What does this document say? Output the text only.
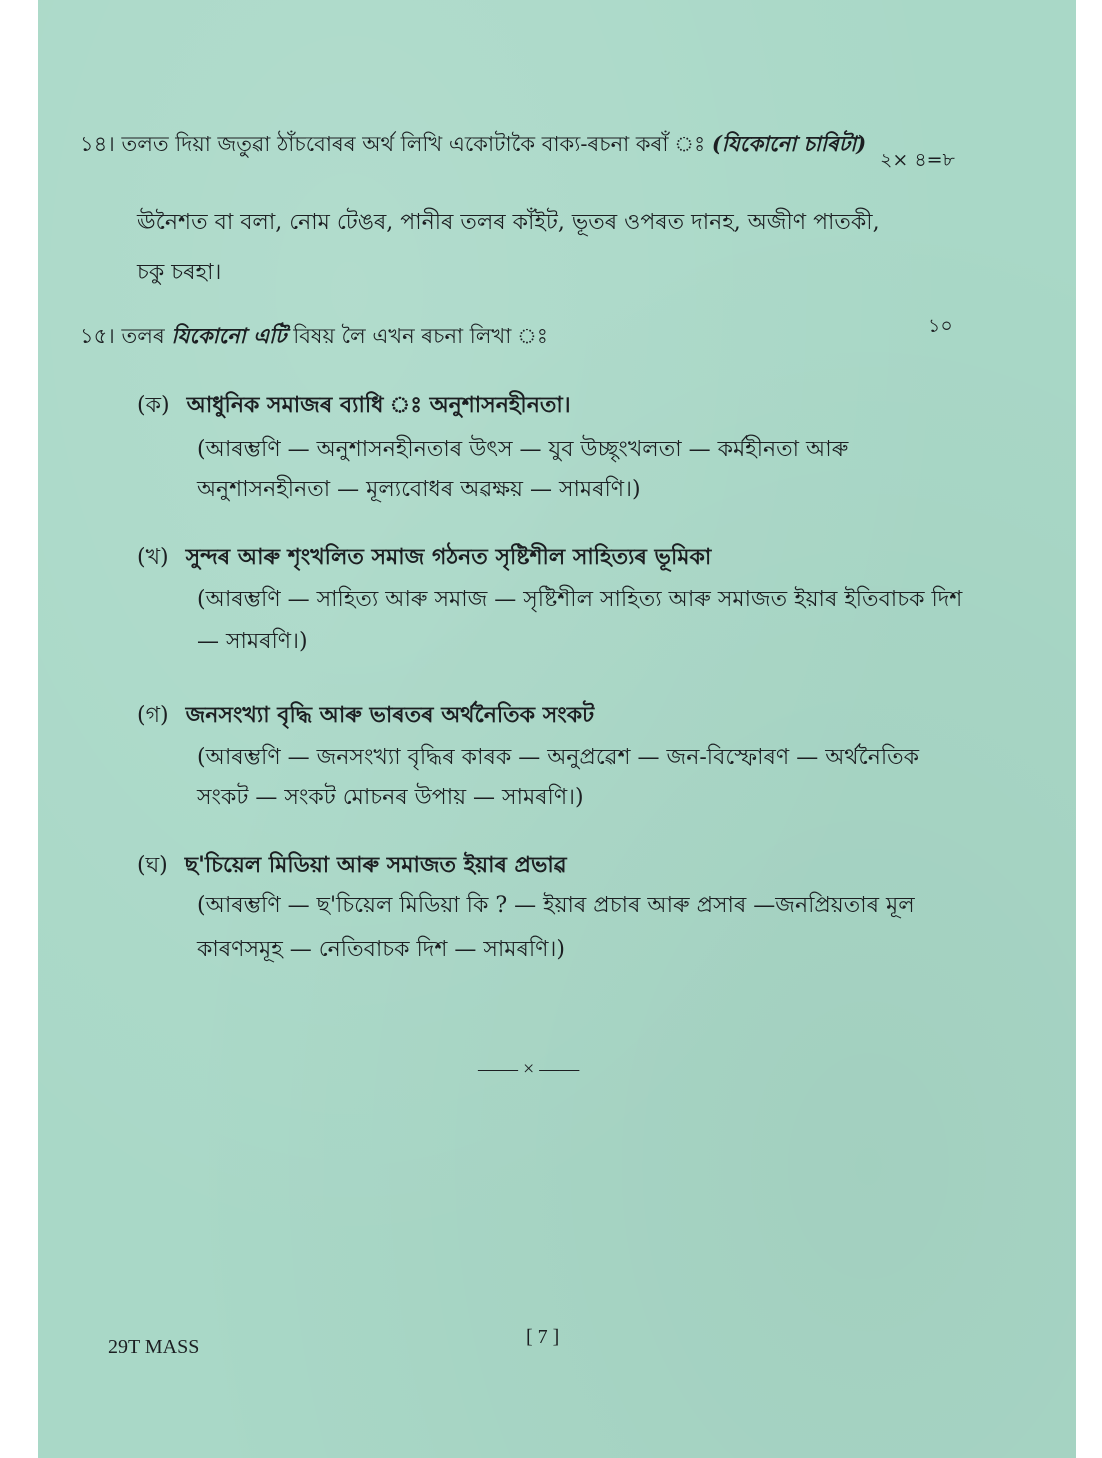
১৪। তলত দিয়া জতুৱা ঠাঁচবোৰৰ অৰ্থ লিখি একোটাকৈ বাক্য-ৰচনা কৰাঁ ঃ (যিকোনো চাৰিটা)
২× ৪=৮
ঊনৈশত বা বলা, নোম টেঙৰ, পানীৰ তলৰ কাঁইট, ভূতৰ ওপৰত দানহ, অজীণ পাতকী,
চকু চৰহা।
১৫। তলৰ যিকোনো এটি বিষয় লৈ এখন ৰচনা লিখা ঃ	১০
(ক) আধুনিক সমাজৰ ব্যাধি ঃ অনুশাসনহীনতা।
(আৰম্ভণি — অনুশাসনহীনতাৰ উৎস — যুব উচ্ছৃংখলতা — কৰ্মহীনতা আৰু
অনুশাসনহীনতা — মূল্যবোধৰ অৱক্ষয় — সামৰণি।)
(খ) সুন্দৰ আৰু শৃংখলিত সমাজ গঠনত সৃষ্টিশীল সাহিত্যৰ ভূমিকা
(আৰম্ভণি — সাহিত্য আৰু সমাজ — সৃষ্টিশীল সাহিত্য আৰু সমাজত ইয়াৰ ইতিবাচক দিশ
— সামৰণি।)
(গ) জনসংখ্যা বৃদ্ধি আৰু ভাৰতৰ অৰ্থনৈতিক সংকট
(আৰম্ভণি — জনসংখ্যা বৃদ্ধিৰ কাৰক — অনুপ্ৰৱেশ — জন-বিস্ফোৰণ — অৰ্থনৈতিক
সংকট — সংকট মোচনৰ উপায় — সামৰণি।)
(ঘ) ছ'চিয়েল মিডিয়া আৰু সমাজত ইয়াৰ প্ৰভাৱ
(আৰম্ভণি — ছ'চিয়েল মিডিয়া কি ? — ইয়াৰ প্ৰচাৰ আৰু প্ৰসাৰ —জনপ্ৰিয়তাৰ মূল
কাৰণসমূহ — নেতিবাচক দিশ — সামৰণি।)
—— × ——
29T MASS	[ 7 ]
